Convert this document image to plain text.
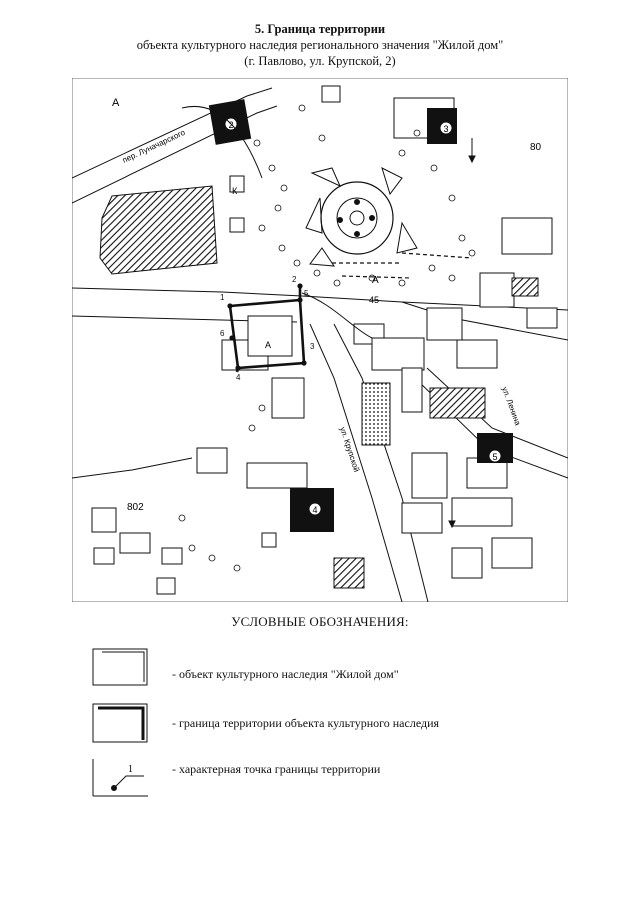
5. Граница территории
объекта культурного наследия регионального значения "Жилой дом"
(г. Павлово, ул. Крупской, 2)
2	3
5
4
1
2
3
4
5
6
пер. Луначарского
ул. Крупской
ул. Ленина
А
А
А
80
802
45
К
УСЛОВНЫЕ ОБОЗНАЧЕНИЯ:
- объект культурного наследия "Жилой дом"
- граница территории объекта культурного наследия
1	- характерная точка границы территории
